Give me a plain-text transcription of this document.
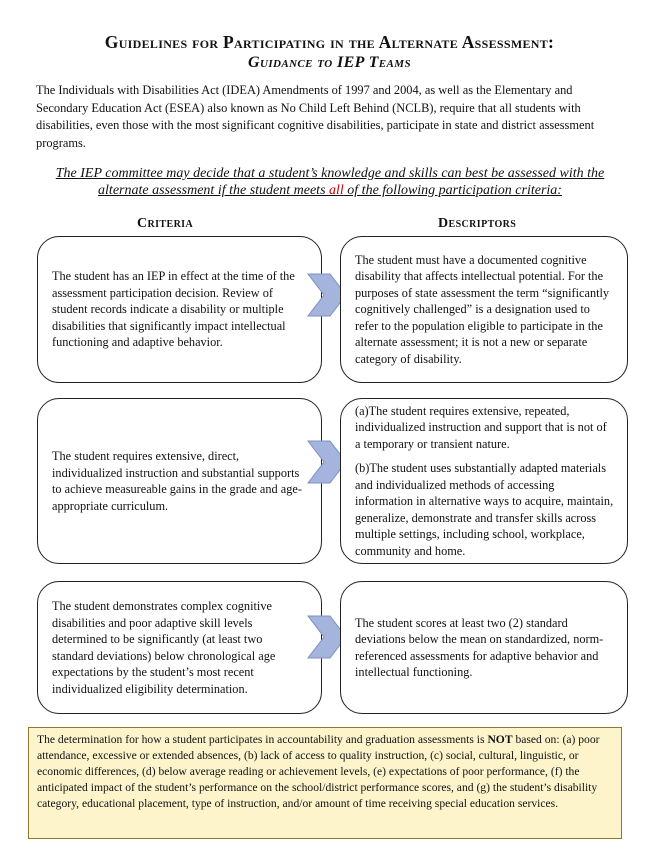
Guidelines for Participating in the Alternate Assessment:
Guidance to IEP Teams

The Individuals with Disabilities Act (IDEA) Amendments of 1997 and 2004, as well as the Elementary and Secondary Education Act (ESEA) also known as No Child Left Behind (NCLB), require that all students with disabilities, even those with the most significant cognitive disabilities, participate in state and district assessment programs.

The IEP committee may decide that a student’s knowledge and skills can best be assessed with the alternate assessment if the student meets all of the following participation criteria:
Criteria	Descriptors

The student has an IEP in effect at the time of the assessment participation decision. Review of student records indicate a disability or multiple disabilities that significantly impact intellectual functioning and adaptive behavior.

The student must have a documented cognitive disability that affects intellectual potential. For the purposes of state assessment the term “significantly cognitively challenged” is a designation used to refer to the population eligible to participate in the alternate assessment; it is not a new or separate category of disability.

The student requires extensive, direct, individualized instruction and substantial supports to achieve measureable gains in the grade and age-appropriate curriculum.

(a)The student requires extensive, repeated, individualized instruction and support that is not of a temporary or transient nature.

(b)The student uses substantially adapted materials and individualized methods of accessing information in alternative ways to acquire, maintain, generalize, demonstrate and transfer skills across multiple settings, including school, workplace, community and home.

The student demonstrates complex cognitive disabilities and poor adaptive skill levels determined to be significantly (at least two standard deviations) below chronological age expectations by the student’s most recent individualized eligibility determination.

The student scores at least two (2) standard deviations below the mean on standardized, norm-referenced assessments for adaptive behavior and intellectual functioning.

The determination for how a student participates in accountability and graduation assessments is NOT based on: (a) poor attendance, excessive or extended absences, (b) lack of access to quality instruction, (c) social, cultural, linguistic, or economic differences, (d) below average reading or achievement levels, (e) expectations of poor performance, (f) the anticipated impact of the student’s performance on the school/district performance scores, and (g) the student’s disability category, educational placement, type of instruction, and/or amount of time receiving special education services.
